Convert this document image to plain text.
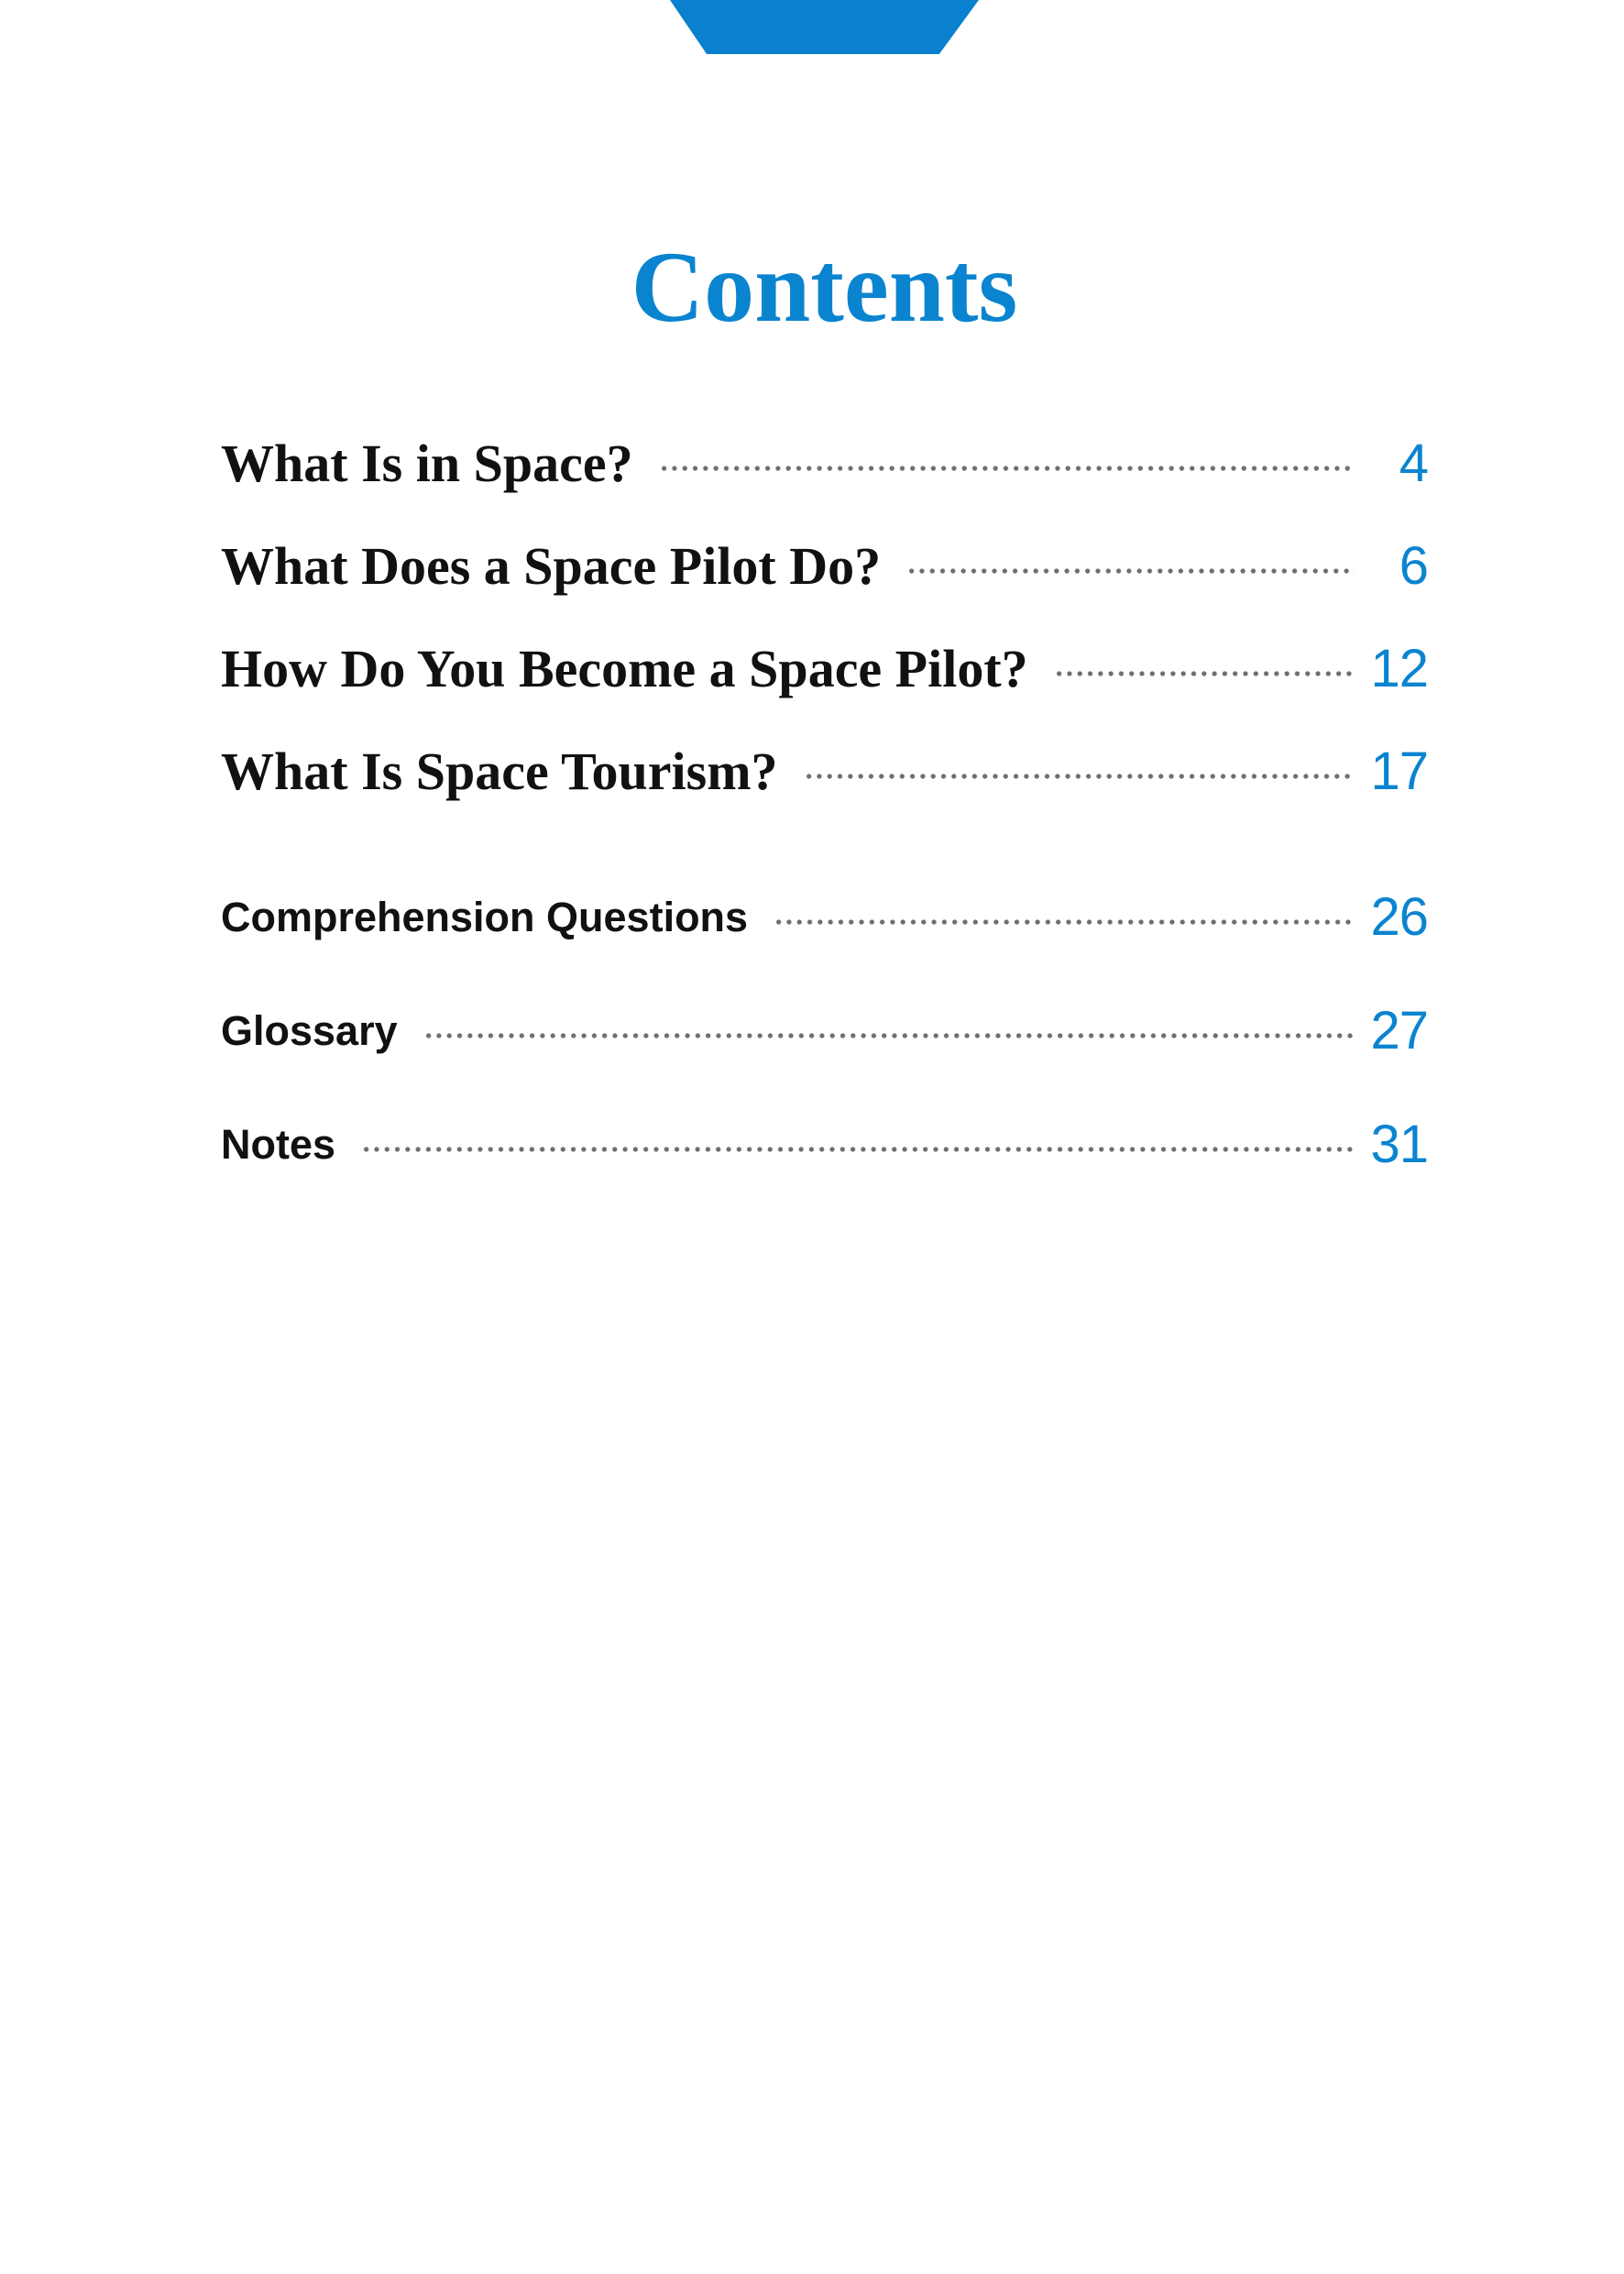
Contents
What Is in Space?	4
What Does a Space Pilot Do?	6
How Do You Become a Space Pilot?	12
What Is Space Tourism?	17
Comprehension Questions	26
Glossary	27
Notes	31
